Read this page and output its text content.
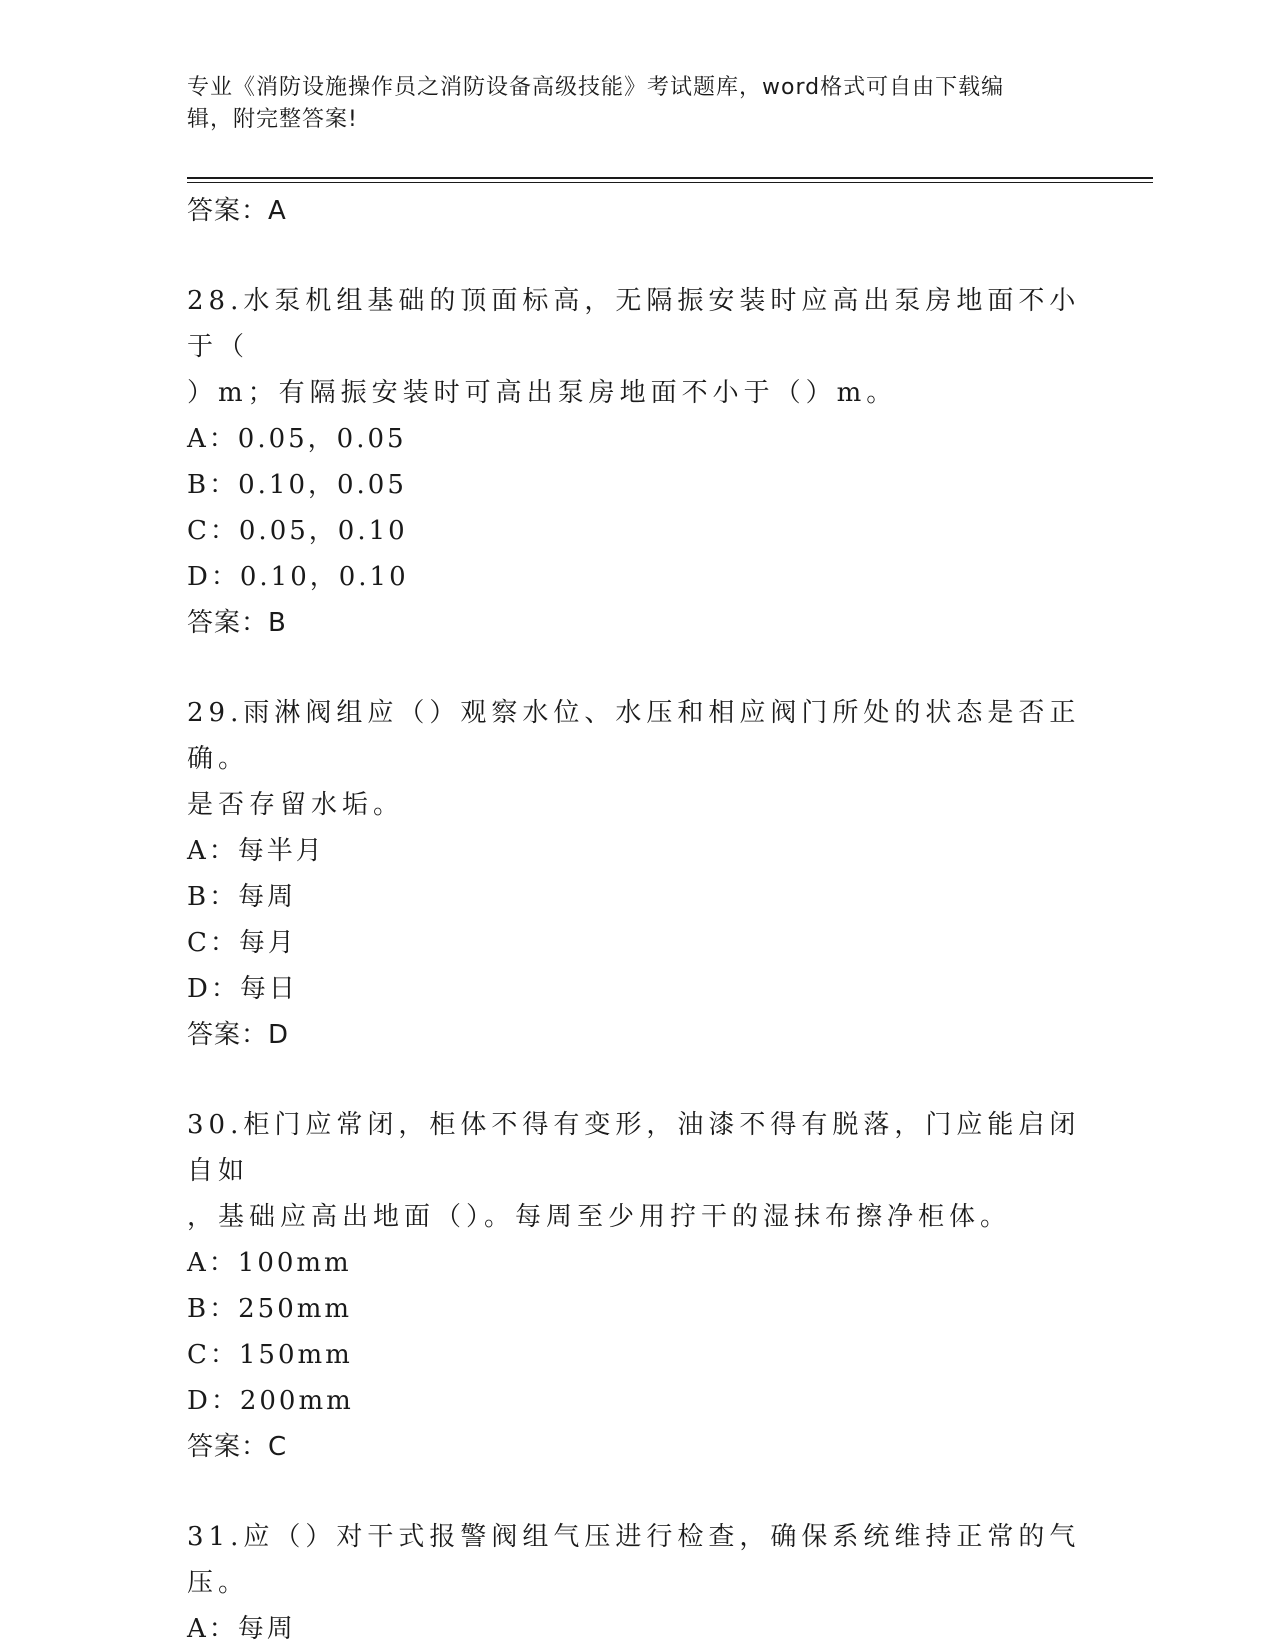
专业《消防设施操作员之消防设备高级技能》考试题库，word格式可自由下载编
辑，附完整答案!
答案：A
28.水泵机组基础的顶面标高，无隔振安装时应高出泵房地面不小于（
）m；有隔振安装时可高出泵房地面不小于（）m。
A：0.05，0.05
B：0.10，0.05
C：0.05，0.10
D：0.10，0.10
答案：B
29.雨淋阀组应（）观察水位、水压和相应阀门所处的状态是否正确。
是否存留水垢。
A：每半月
B：每周
C：每月
D：每日
答案：D
30.柜门应常闭，柜体不得有变形，油漆不得有脱落，门应能启闭自如
，基础应高出地面（）。每周至少用拧干的湿抹布擦净柜体。
A：100mm
B：250mm
C：150mm
D：200mm
答案：C
31.应（）对干式报警阀组气压进行检查，确保系统维持正常的气压。
A：每周
